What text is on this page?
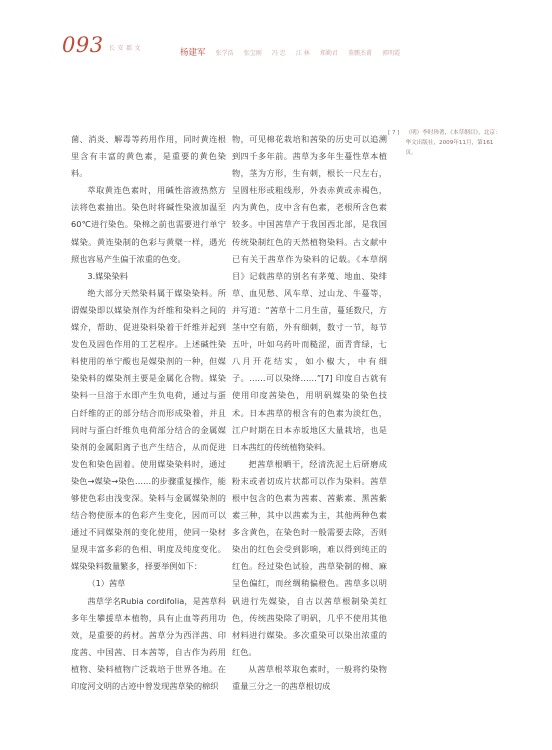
093 长 安 郡 文	杨建军 张学浩 张宝刚 冯 忠 江 林 郑勤君 董鹏杰甫 郭明霞

菌、消炎、解毒等药用作用，同时黄连根里含有丰富的黄色素，是重要的黄色染料。

萃取黄连色素时，用碱性溶液热熬方法将色素抽出。染色时将碱性染液加温至60℃进行染色。染棉之前也需要进行单宁媒染。黄连染制的色彩与黄檗一样，遇光照也容易产生偏于浓重的色变。

3.媒染染料

绝大部分天然染料属于媒染染料。所谓媒染即以媒染剂作为纤维和染料之间的媒介，帮助、促进染料染着于纤维并起到发色及固色作用的工艺程序。上述碱性染料使用的单宁酸也是媒染剂的一种，但媒染染料的媒染剂主要是金属化合物。媒染染料一旦溶于水即产生负电荷，通过与蛋白纤维的正的部分结合而形成染着，并且同时与蛋白纤维负电荷部分结合的金属媒染剂的金属阳离子也产生结合，从而促进发色和染色固着。使用媒染染料时，通过染色→媒染→染色……的步骤重复操作，能够使色彩由浅变深。染料与金属媒染剂的结合物使原本的色彩产生变化，因而可以通过不同媒染剂的变化使用，使同一染材显现丰富多彩的色相、明度及纯度变化。媒染染料数量繁多，择要举例如下：

（1）茜草

茜草学名Rubia cordifolia，是茜草科多年生攀援草本植物，具有止血等药用功效，是重要的药材。茜草分为西洋茜、印度茜、中国茜、日本茜等，自古作为药用植物、染料植物广泛栽培于世界各地。在印度河文明的古迹中曾发现茜草染的棉织

物，可见棉花栽培和茜染的历史可以追溯到四千多年前。茜草为多年生蔓性草本植物，茎为方形，生有刺，根长一尺左右，呈圆柱形或粗线形，外表赤黄或赤褐色，内为黄色，皮中含有色素，老根所含色素较多。中国茜草产于我国西北部，是我国传统染制红色的天然植物染料。古文献中已有关于茜草作为染料的记载。《本草纲目》记载茜草的别名有茅蒐、地血、染绯草、血见愁、风车草、过山龙、牛蔓等，并写道：“茜草十二月生苗，蔓延数尺，方茎中空有筋，外有细刺，数寸一节，每节五叶，叶如乌药叶而糙涩，面青背绿，七八月开花结实，如小椒大，中有细子。……可以染绛……”[7] 印度自古就有使用印度茜染色，用明矾媒染的染色技术。日本茜草的根含有的色素为淡红色，江户时期在日本赤坂地区大量栽培，也是日本茜红的传统植物染料。

把茜草根晒干，经清洗泥土后研磨成粉末或者切成片状都可以作为染料。茜草根中包含的色素为茜素、茜紫素、黑茜紫素三种，其中以茜素为主，其他两种色素多含黄色，在染色时一般需要去除，否则染出的红色会受到影响，难以得到纯正的红色。经过染色试验，茜草染制的棉、麻呈色偏红，而丝绸稍偏橙色。茜草多以明矾进行先媒染，自古以茜草根制染美红色，传统茜染除了明矾，几乎不使用其他材料进行媒染。多次重染可以染出浓重的红色。

从茜草根萃取色素时，一般将约染物重量三分之一的茜草根切成

[ 7 ] （明）李时珍著，《本草纲目》，北京：华文出版社，2009年11月，第161页。
